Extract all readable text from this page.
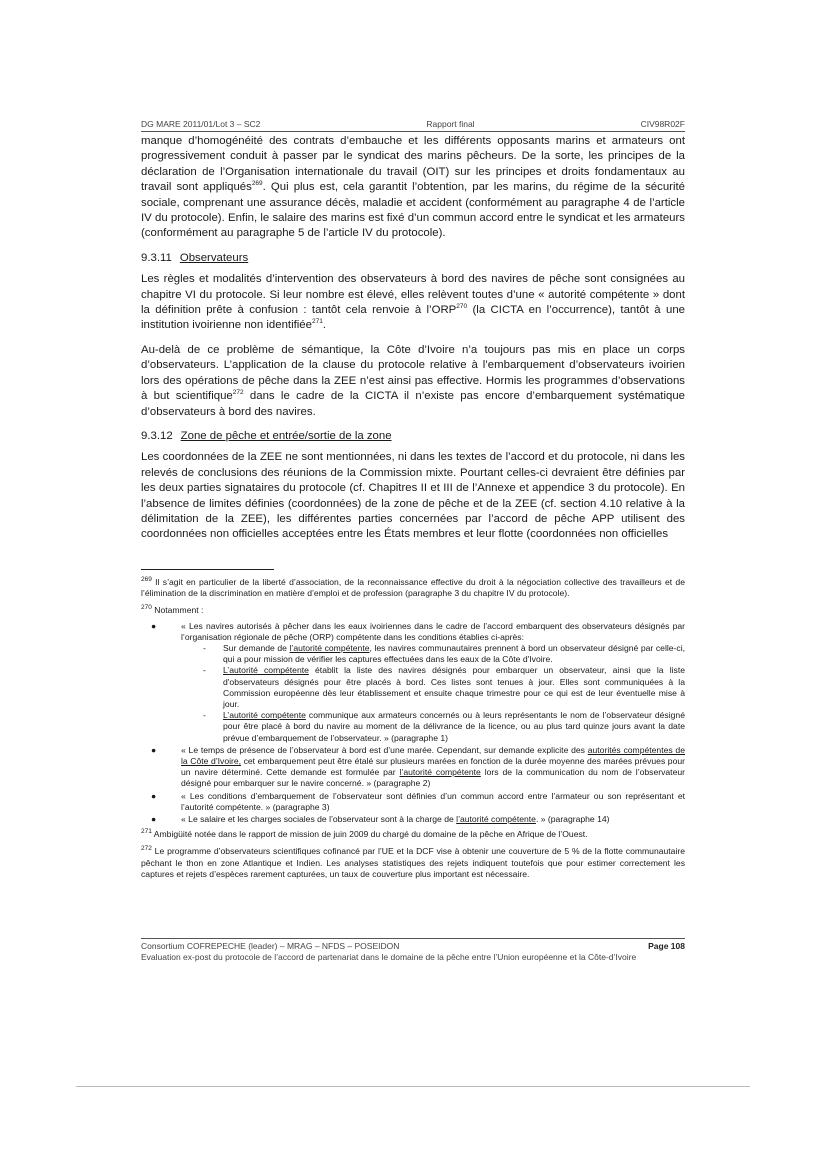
DG MARE 2011/01/Lot 3 – SC2	Rapport final	CIV98R02F

manque d’homogénéité des contrats d’embauche et les différents opposants marins et armateurs ont progressivement conduit à passer par le syndicat des marins pêcheurs. De la sorte, les principes de la déclaration de l’Organisation internationale du travail (OIT) sur les principes et droits fondamentaux au travail sont appliqués$^{269}$. Qui plus est, cela garantit l’obtention, par les marins, du régime de la sécurité sociale, comprenant une assurance décès, maladie et accident (conformément au paragraphe 4 de l’article IV du protocole). Enfin, le salaire des marins est fixé d’un commun accord entre le syndicat et les armateurs (conformément au paragraphe 5 de l’article IV du protocole).

9.3.11 Observateurs

Les règles et modalités d’intervention des observateurs à bord des navires de pêche sont consignées au chapitre VI du protocole. Si leur nombre est élevé, elles relèvent toutes d’une « autorité compétente » dont la définition prête à confusion : tantôt cela renvoie à l’ORP$^{270}$ (la CICTA en l’occurrence), tantôt à une institution ivoirienne non identifiée$^{271}$.

Au-delà de ce problème de sémantique, la Côte d’Ivoire n’a toujours pas mis en place un corps d’observateurs. L’application de la clause du protocole relative à l’embarquement d’observateurs ivoirien lors des opérations de pêche dans la ZEE n’est ainsi pas effective. Hormis les programmes d’observations à but scientifique$^{272}$ dans le cadre de la CICTA il n’existe pas encore d’embarquement systématique d’observateurs à bord des navires.

9.3.12 Zone de pêche et entrée/sortie de la zone

Les coordonnées de la ZEE ne sont mentionnées, ni dans les textes de l’accord et du protocole, ni dans les relevés de conclusions des réunions de la Commission mixte. Pourtant celles-ci devraient être définies par les deux parties signataires du protocole (cf. Chapitres II et III de l’Annexe et appendice 3 du protocole). En l’absence de limites définies (coordonnées) de la zone de pêche et de la ZEE (cf. section 4.10 relative à la délimitation de la ZEE), les différentes parties concernées par l’accord de pêche APP utilisent des coordonnées non officielles acceptées entre les États membres et leur flotte (coordonnées non officielles

$^{269}$ Il s’agit en particulier de la liberté d’association, de la reconnaissance effective du droit à la négociation collective des travailleurs et de l’élimination de la discrimination en matière d’emploi et de profession (paragraphe 3 du chapitre IV du protocole).

$^{270}$ Notamment :

●	« Les navires autorisés à pêcher dans les eaux ivoiriennes dans le cadre de l’accord embarquent des observateurs désignés par l’organisation régionale de pêche (ORP) compétente dans les conditions établies ci-après:
- Sur demande de l’autorité compétente, les navires communautaires prennent à bord un observateur désigné par celle-ci, qui a pour mission de vérifier les captures effectuées dans les eaux de la Côte d'Ivoire.
- L’autorité compétente établit la liste des navires désignés pour embarquer un observateur, ainsi que la liste d'observateurs désignés pour être placés à bord. Ces listes sont tenues à jour. Elles sont communiquées à la Commission européenne dès leur établissement et ensuite chaque trimestre pour ce qui est de leur éventuelle mise à jour.
- L’autorité compétente communique aux armateurs concernés ou à leurs représentants le nom de l’observateur désigné pour être placé à bord du navire au moment de la délivrance de la licence, ou au plus tard quinze jours avant la date prévue d’embarquement de l’observateur. » (paragraphe 1)
●	« Le temps de présence de l’observateur à bord est d’une marée. Cependant, sur demande explicite des autorités compétentes de la Côte d’Ivoire, cet embarquement peut être étalé sur plusieurs marées en fonction de la durée moyenne des marées prévues pour un navire déterminé. Cette demande est formulée par l’autorité compétente lors de la communication du nom de l’observateur désigné pour embarquer sur le navire concerné. » (paragraphe 2)
●	« Les conditions d’embarquement de l’observateur sont définies d’un commun accord entre l’armateur ou son représentant et l’autorité compétente. » (paragraphe 3)
●	« Le salaire et les charges sociales de l’observateur sont à la charge de l’autorité compétente. » (paragraphe 14)

$^{271}$ Ambigüité notée dans le rapport de mission de juin 2009 du chargé du domaine de la pêche en Afrique de l’Ouest.

$^{272}$ Le programme d’observateurs scientifiques cofinancé par l’UE et la DCF vise à obtenir une couverture de 5 % de la flotte communautaire pêchant le thon en zone Atlantique et Indien. Les analyses statistiques des rejets indiquent toutefois que pour estimer correctement les captures et rejets d’espèces rarement capturées, un taux de couverture plus important est nécessaire.

Consortium COFREPECHE (leader) – MRAG – NFDS – POSEIDON	Page 108
Evaluation ex-post du protocole de l’accord de partenariat dans le domaine de la pêche entre l’Union européenne et la Côte-d’Ivoire
